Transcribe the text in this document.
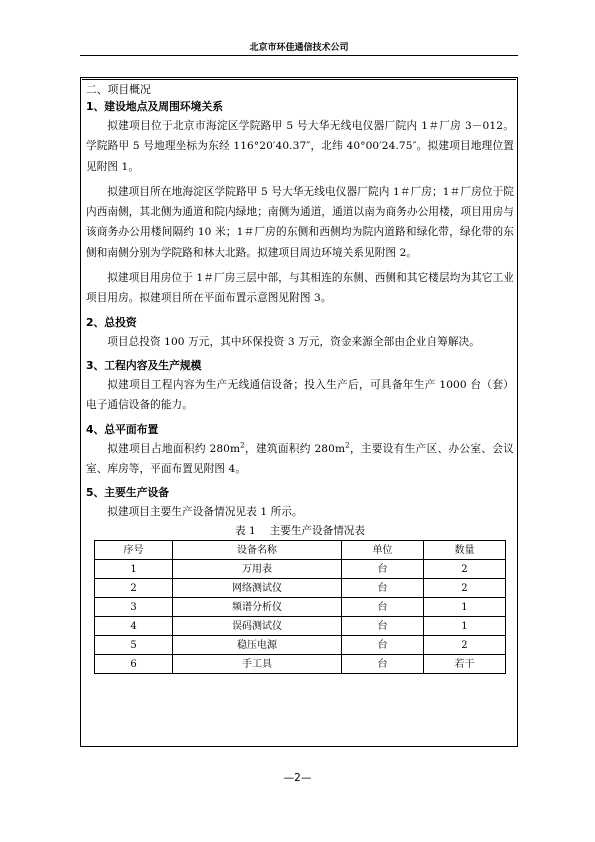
北京市环佳通信技术公司

二、项目概况

1、建设地点及周围环境关系

拟建项目位于北京市海淀区学院路甲 5 号大华无线电仪器厂院内 1＃厂房 3－012。学院路甲 5 号地理坐标为东经 116°20′40.37″，北纬 40°00′24.75″。拟建项目地理位置见附图 1。

拟建项目所在地海淀区学院路甲 5 号大华无线电仪器厂院内 1＃厂房；1＃厂房位于院内西南侧，其北侧为通道和院内绿地；南侧为通道，通道以南为商务办公用楼，项目用房与该商务办公用楼间隔约 10 米；1＃厂房的东侧和西侧均为院内道路和绿化带，绿化带的东侧和南侧分别为学院路和林大北路。拟建项目周边环境关系见附图 2。

拟建项目用房位于 1＃厂房三层中部，与其相连的东侧、西侧和其它楼层均为其它工业项目用房。拟建项目所在平面布置示意图见附图 3。

2、总投资

项目总投资 100 万元，其中环保投资 3 万元，资金来源全部由企业自筹解决。

3、工程内容及生产规模

拟建项目工程内容为生产无线通信设备；投入生产后，可具备年生产 1000 台（套）电子通信设备的能力。

4、总平面布置

拟建项目占地面积约 $280m^2$，建筑面积约 $280m^2$，主要设有生产区、办公室、会议室、库房等，平面布置见附图 4。

5、主要生产设备

拟建项目主要生产设备情况见表 1 所示。

表 1　 主要生产设备情况表

序号	设备名称	单位	数量
1	万用表	台	2
2	网络测试仪	台	2
3	频谱分析仪	台	1
4	误码测试仪	台	1
5	稳压电源	台	2
6	手工具	台	若干
—2—
